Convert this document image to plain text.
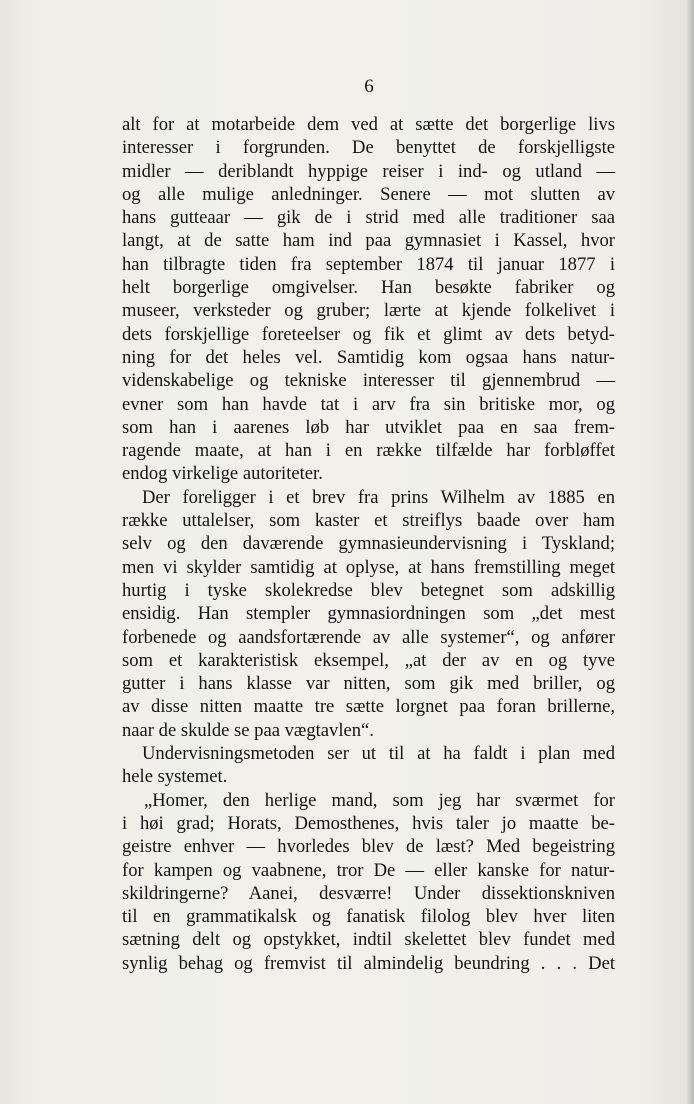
6
alt for at motarbeide dem ved at sætte det borgerlige livs
interesser i forgrunden. De benyttet de forskjelligste
midler — deriblandt hyppige reiser i ind- og utland —
og alle mulige anledninger. Senere — mot slutten av
hans gutteaar — gik de i strid med alle traditioner saa
langt, at de satte ham ind paa gymnasiet i Kassel, hvor
han tilbragte tiden fra september 1874 til januar 1877 i
helt borgerlige omgivelser. Han besøkte fabriker og
museer, verksteder og gruber; lærte at kjende folkelivet i
dets forskjellige foreteelser og fik et glimt av dets betyd-
ning for det heles vel. Samtidig kom ogsaa hans natur-
videnskabelige og tekniske interesser til gjennembrud —
evner som han havde tat i arv fra sin britiske mor, og
som han i aarenes løb har utviklet paa en saa frem-
ragende maate, at han i en række tilfælde har forbløffet
endog virkelige autoriteter.
Der foreligger i et brev fra prins Wilhelm av 1885 en
række uttalelser, som kaster et streiflys baade over ham
selv og den daværende gymnasieundervisning i Tyskland;
men vi skylder samtidig at oplyse, at hans fremstilling meget
hurtig i tyske skolekredse blev betegnet som adskillig
ensidig. Han stempler gymnasiordningen som „det mest
forbenede og aandsfortærende av alle systemer“, og anfører
som et karakteristisk eksempel, „at der av en og tyve
gutter i hans klasse var nitten, som gik med briller, og
av disse nitten maatte tre sætte lorgnet paa foran brillerne,
naar de skulde se paa vægtavlen“.
Undervisningsmetoden ser ut til at ha faldt i plan med
hele systemet.
„Homer, den herlige mand, som jeg har sværmet for
i høi grad; Horats, Demosthenes, hvis taler jo maatte be-
geistre enhver — hvorledes blev de læst? Med begeistring
for kampen og vaabnene, tror De — eller kanske for natur-
skildringerne? Aanei, desværre! Under dissektionskniven
til en grammatikalsk og fanatisk filolog blev hver liten
sætning delt og opstykket, indtil skelettet blev fundet med
synlig behag og fremvist til almindelig beundring . . . Det
